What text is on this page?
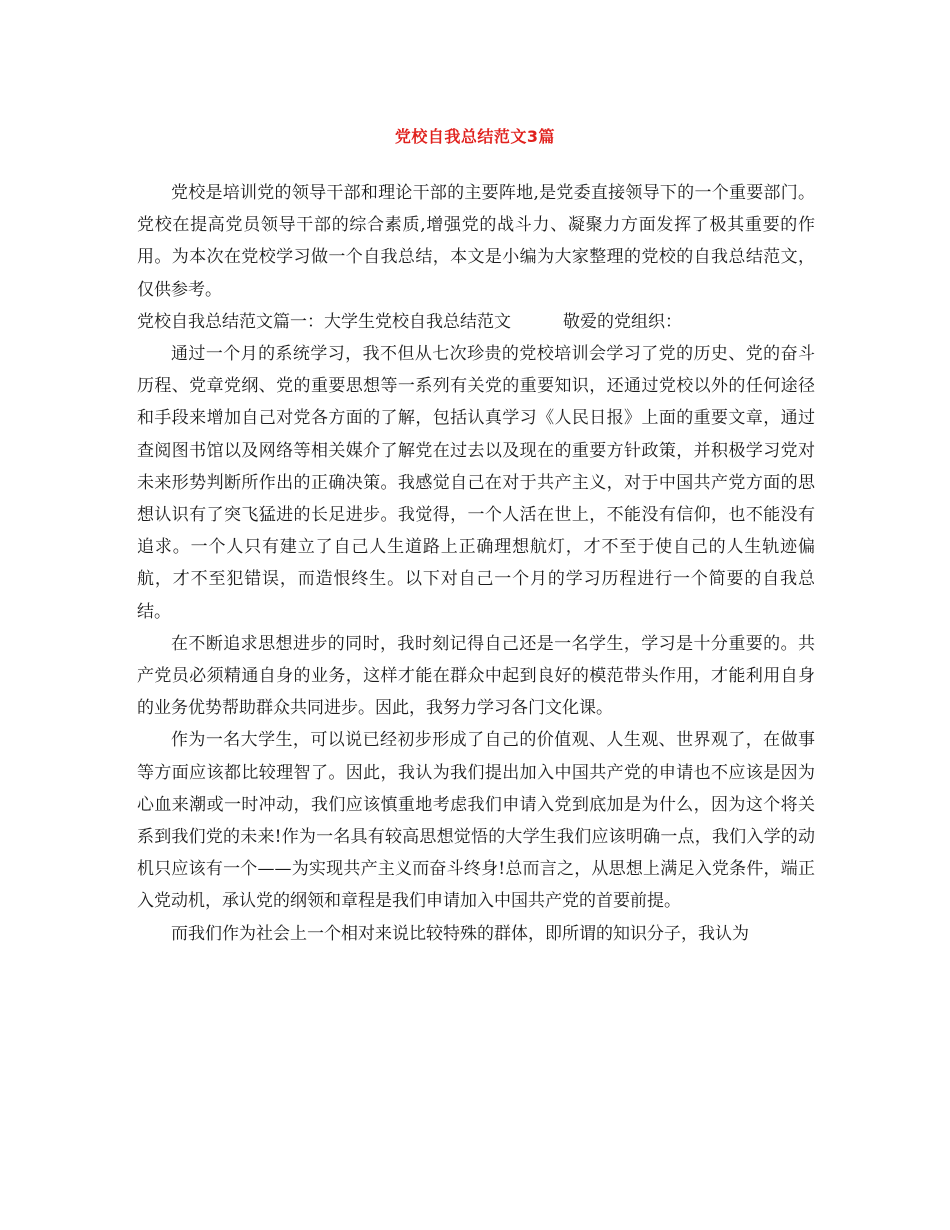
党校自我总结范文3篇

党校是培训党的领导干部和理论干部的主要阵地,是党委直接领导下的一个重要部门。党校在提高党员领导干部的综合素质,增强党的战斗力、凝聚力方面发挥了极其重要的作用。为本次在党校学习做一个自我总结，本文是小编为大家整理的党校的自我总结范文，仅供参考。

党校自我总结范文篇一：大学生党校自我总结范文	敬爱的党组织：

通过一个月的系统学习，我不但从七次珍贵的党校培训会学习了党的历史、党的奋斗历程、党章党纲、党的重要思想等一系列有关党的重要知识，还通过党校以外的任何途径和手段来增加自己对党各方面的了解，包括认真学习《人民日报》上面的重要文章，通过查阅图书馆以及网络等相关媒介了解党在过去以及现在的重要方针政策，并积极学习党对未来形势判断所作出的正确决策。我感觉自己在对于共产主义，对于中国共产党方面的思想认识有了突飞猛进的长足进步。我觉得，一个人活在世上，不能没有信仰，也不能没有追求。一个人只有建立了自己人生道路上正确理想航灯，才不至于使自己的人生轨迹偏航，才不至犯错误，而造恨终生。以下对自己一个月的学习历程进行一个简要的自我总结。

在不断追求思想进步的同时，我时刻记得自己还是一名学生，学习是十分重要的。共产党员必须精通自身的业务，这样才能在群众中起到良好的模范带头作用，才能利用自身的业务优势帮助群众共同进步。因此，我努力学习各门文化课。

作为一名大学生，可以说已经初步形成了自己的价值观、人生观、世界观了，在做事等方面应该都比较理智了。因此，我认为我们提出加入中国共产党的申请也不应该是因为心血来潮或一时冲动，我们应该慎重地考虑我们申请入党到底加是为什么，因为这个将关系到我们党的未来!作为一名具有较高思想觉悟的大学生我们应该明确一点，我们入学的动机只应该有一个——为实现共产主义而奋斗终身!总而言之，从思想上满足入党条件，端正入党动机，承认党的纲领和章程是我们申请加入中国共产党的首要前提。

而我们作为社会上一个相对来说比较特殊的群体，即所谓的知识分子，我认为
